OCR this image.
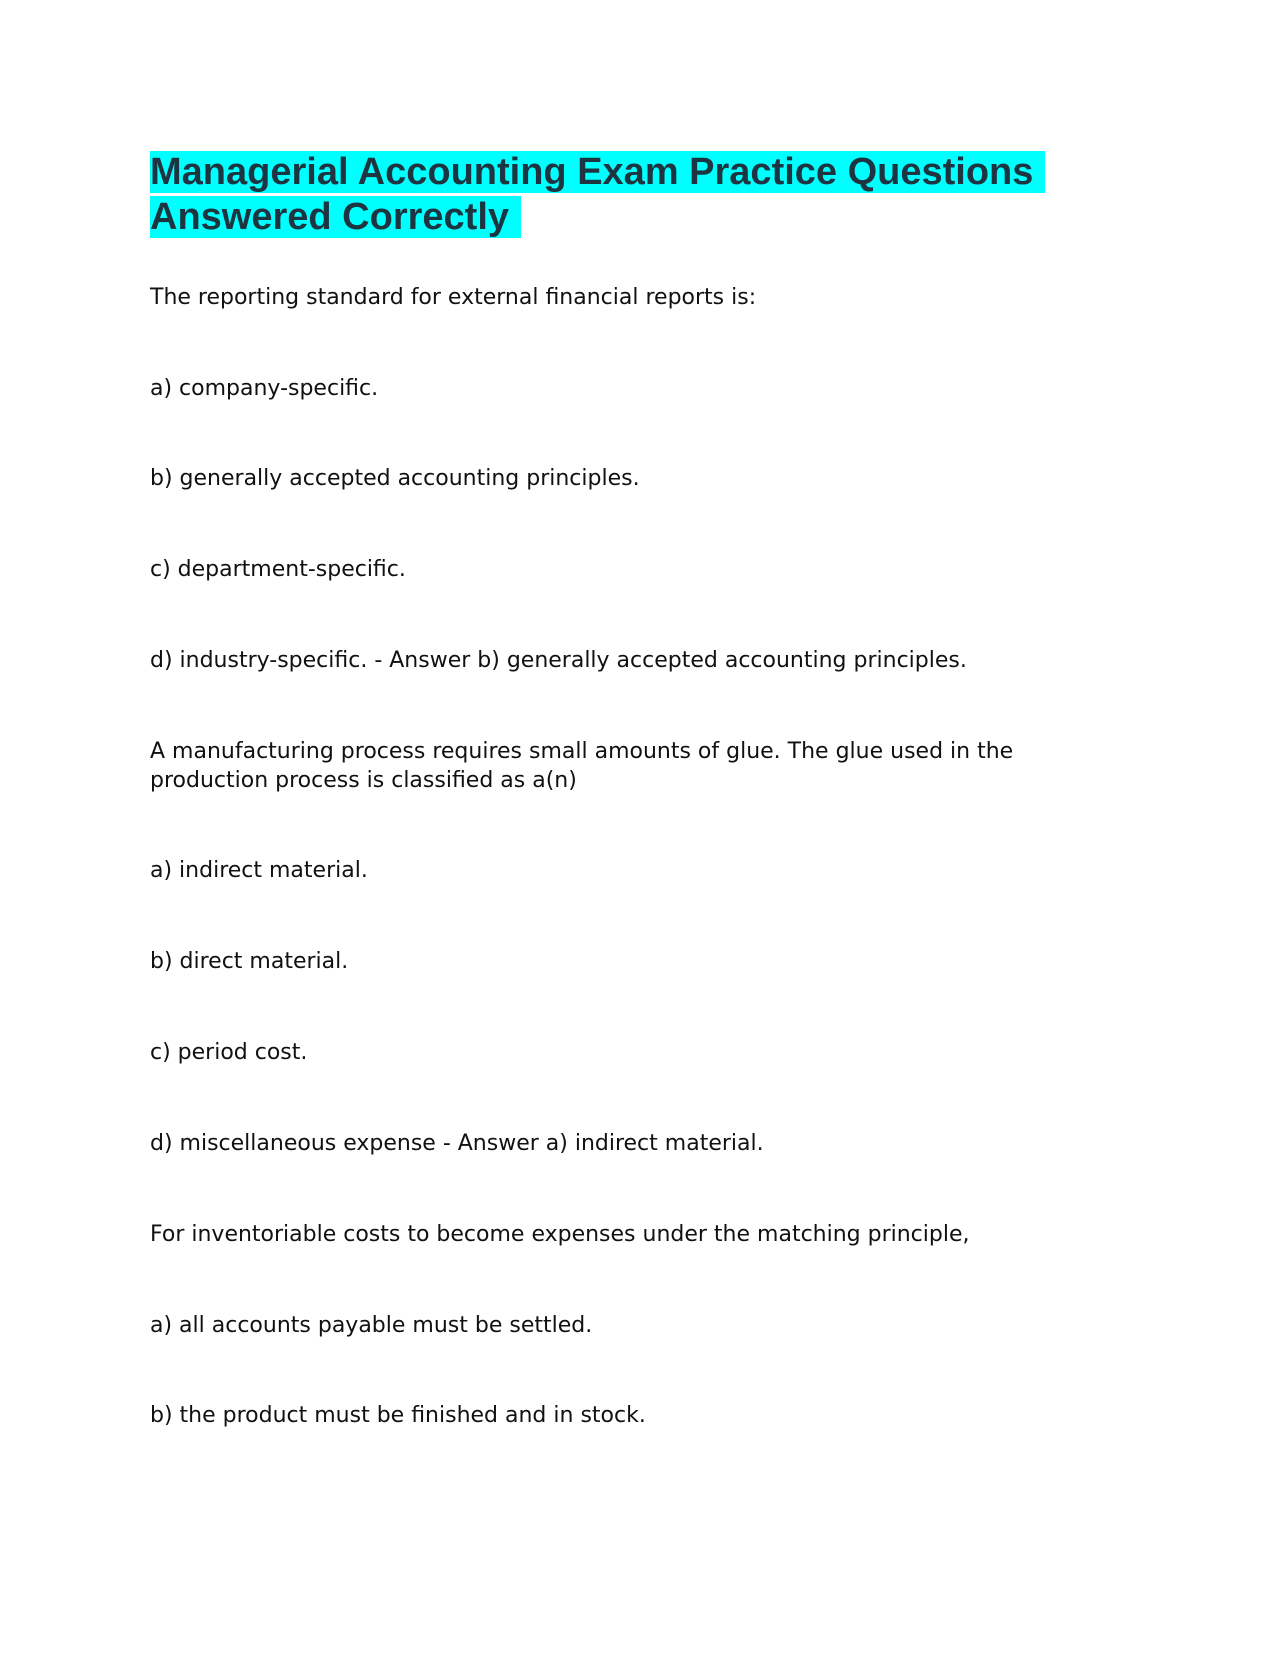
Managerial Accounting Exam Practice Questions Answered Correctly

The reporting standard for external financial reports is:

a) company-specific.

b) generally accepted accounting principles.

c) department-specific.

d) industry-specific. - Answer b) generally accepted accounting principles.

A manufacturing process requires small amounts of glue. The glue used in the production process is classified as a(n)

a) indirect material.

b) direct material.

c) period cost.

d) miscellaneous expense - Answer a) indirect material.

For inventoriable costs to become expenses under the matching principle,

a) all accounts payable must be settled.

b) the product must be finished and in stock.
